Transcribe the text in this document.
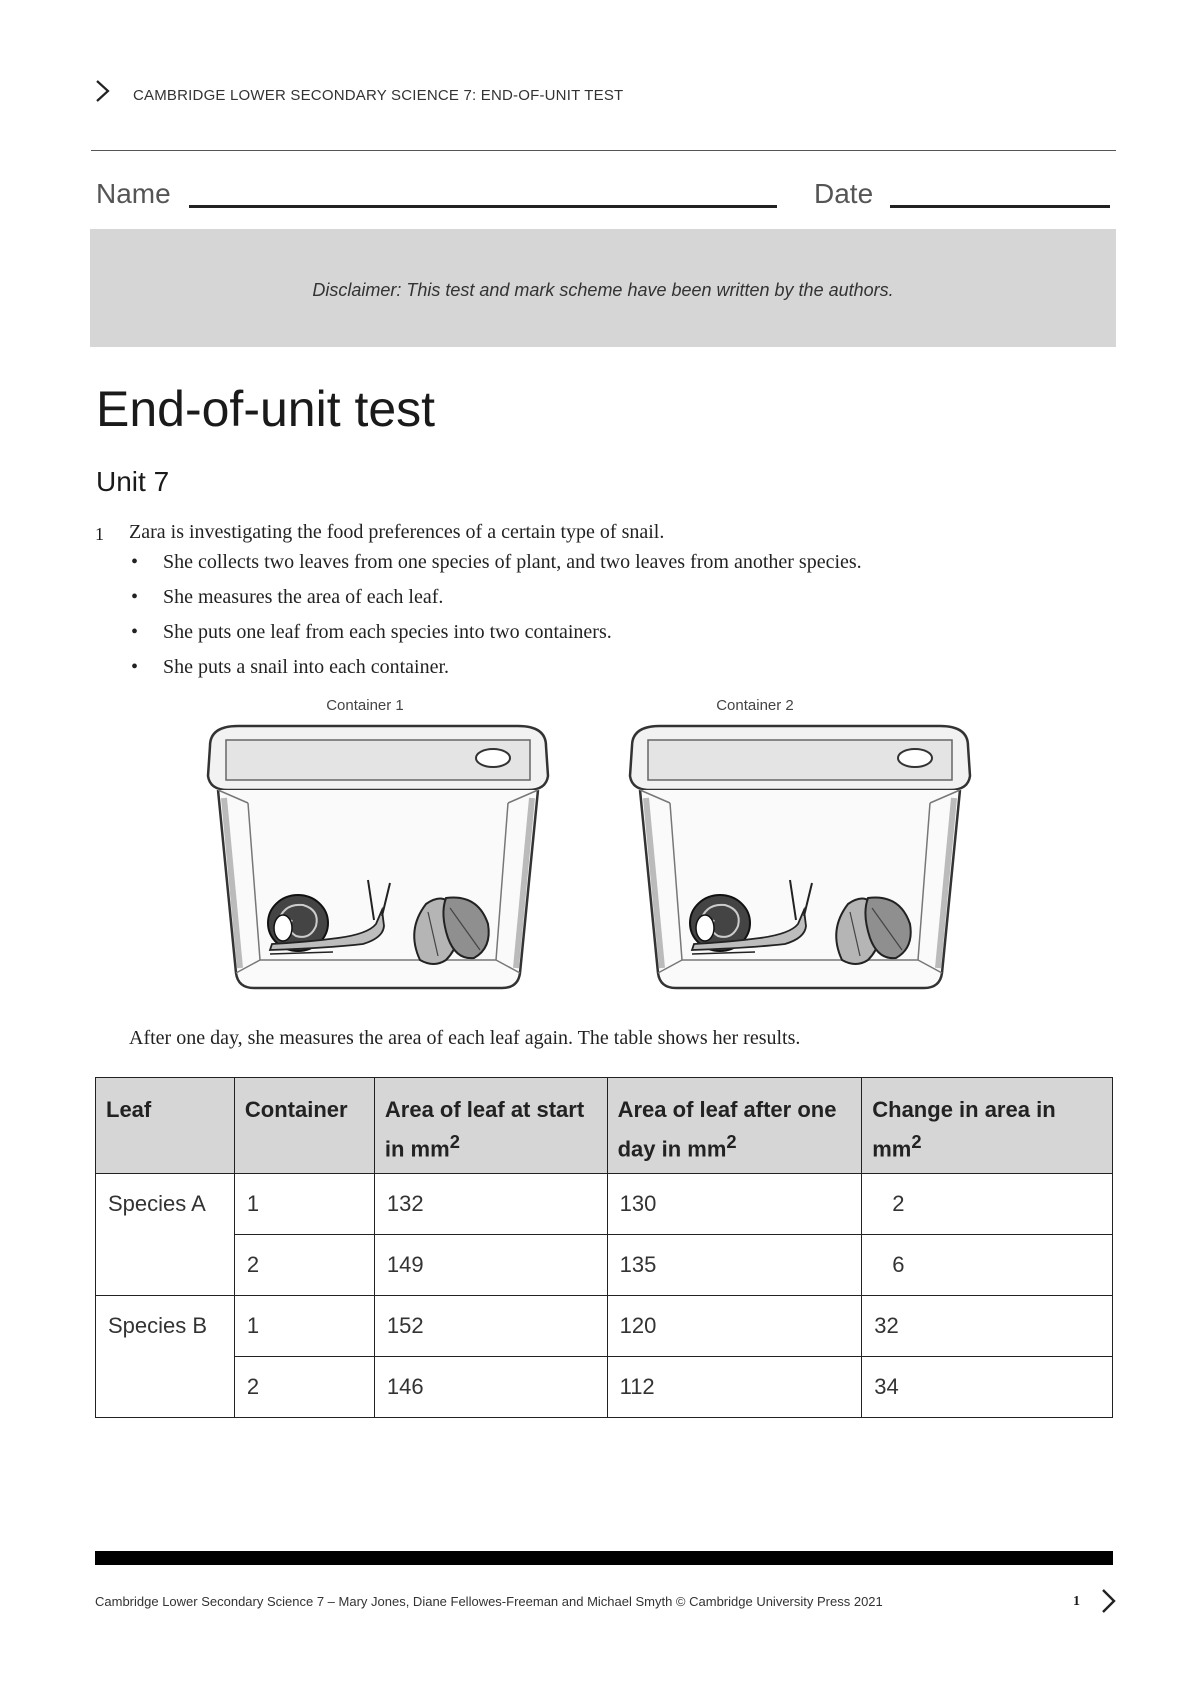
CAMBRIDGE LOWER SECONDARY SCIENCE 7: END-OF-UNIT TEST
Name	Date
Disclaimer: This test and mark scheme have been written by the authors.
End-of-unit test
Unit 7
1 Zara is investigating the food preferences of a certain type of snail.
• She collects two leaves from one species of plant, and two leaves from another species.
• She measures the area of each leaf.
• She puts one leaf from each species into two containers.
• She puts a snail into each container.
Container 1	Container 2
After one day, she measures the area of each leaf again. The table shows her results.
Leaf	Container	Area of leaf at start in $mm^2$	Area of leaf after one day in $mm^2$	Change in area in $mm^2$
Species A	1	132	130	2
	2	149	135	6
Species B	1	152	120	32
	2	146	112	34
Cambridge Lower Secondary Science 7 – Mary Jones, Diane Fellowes-Freeman and Michael Smyth © Cambridge University Press 2021	1
